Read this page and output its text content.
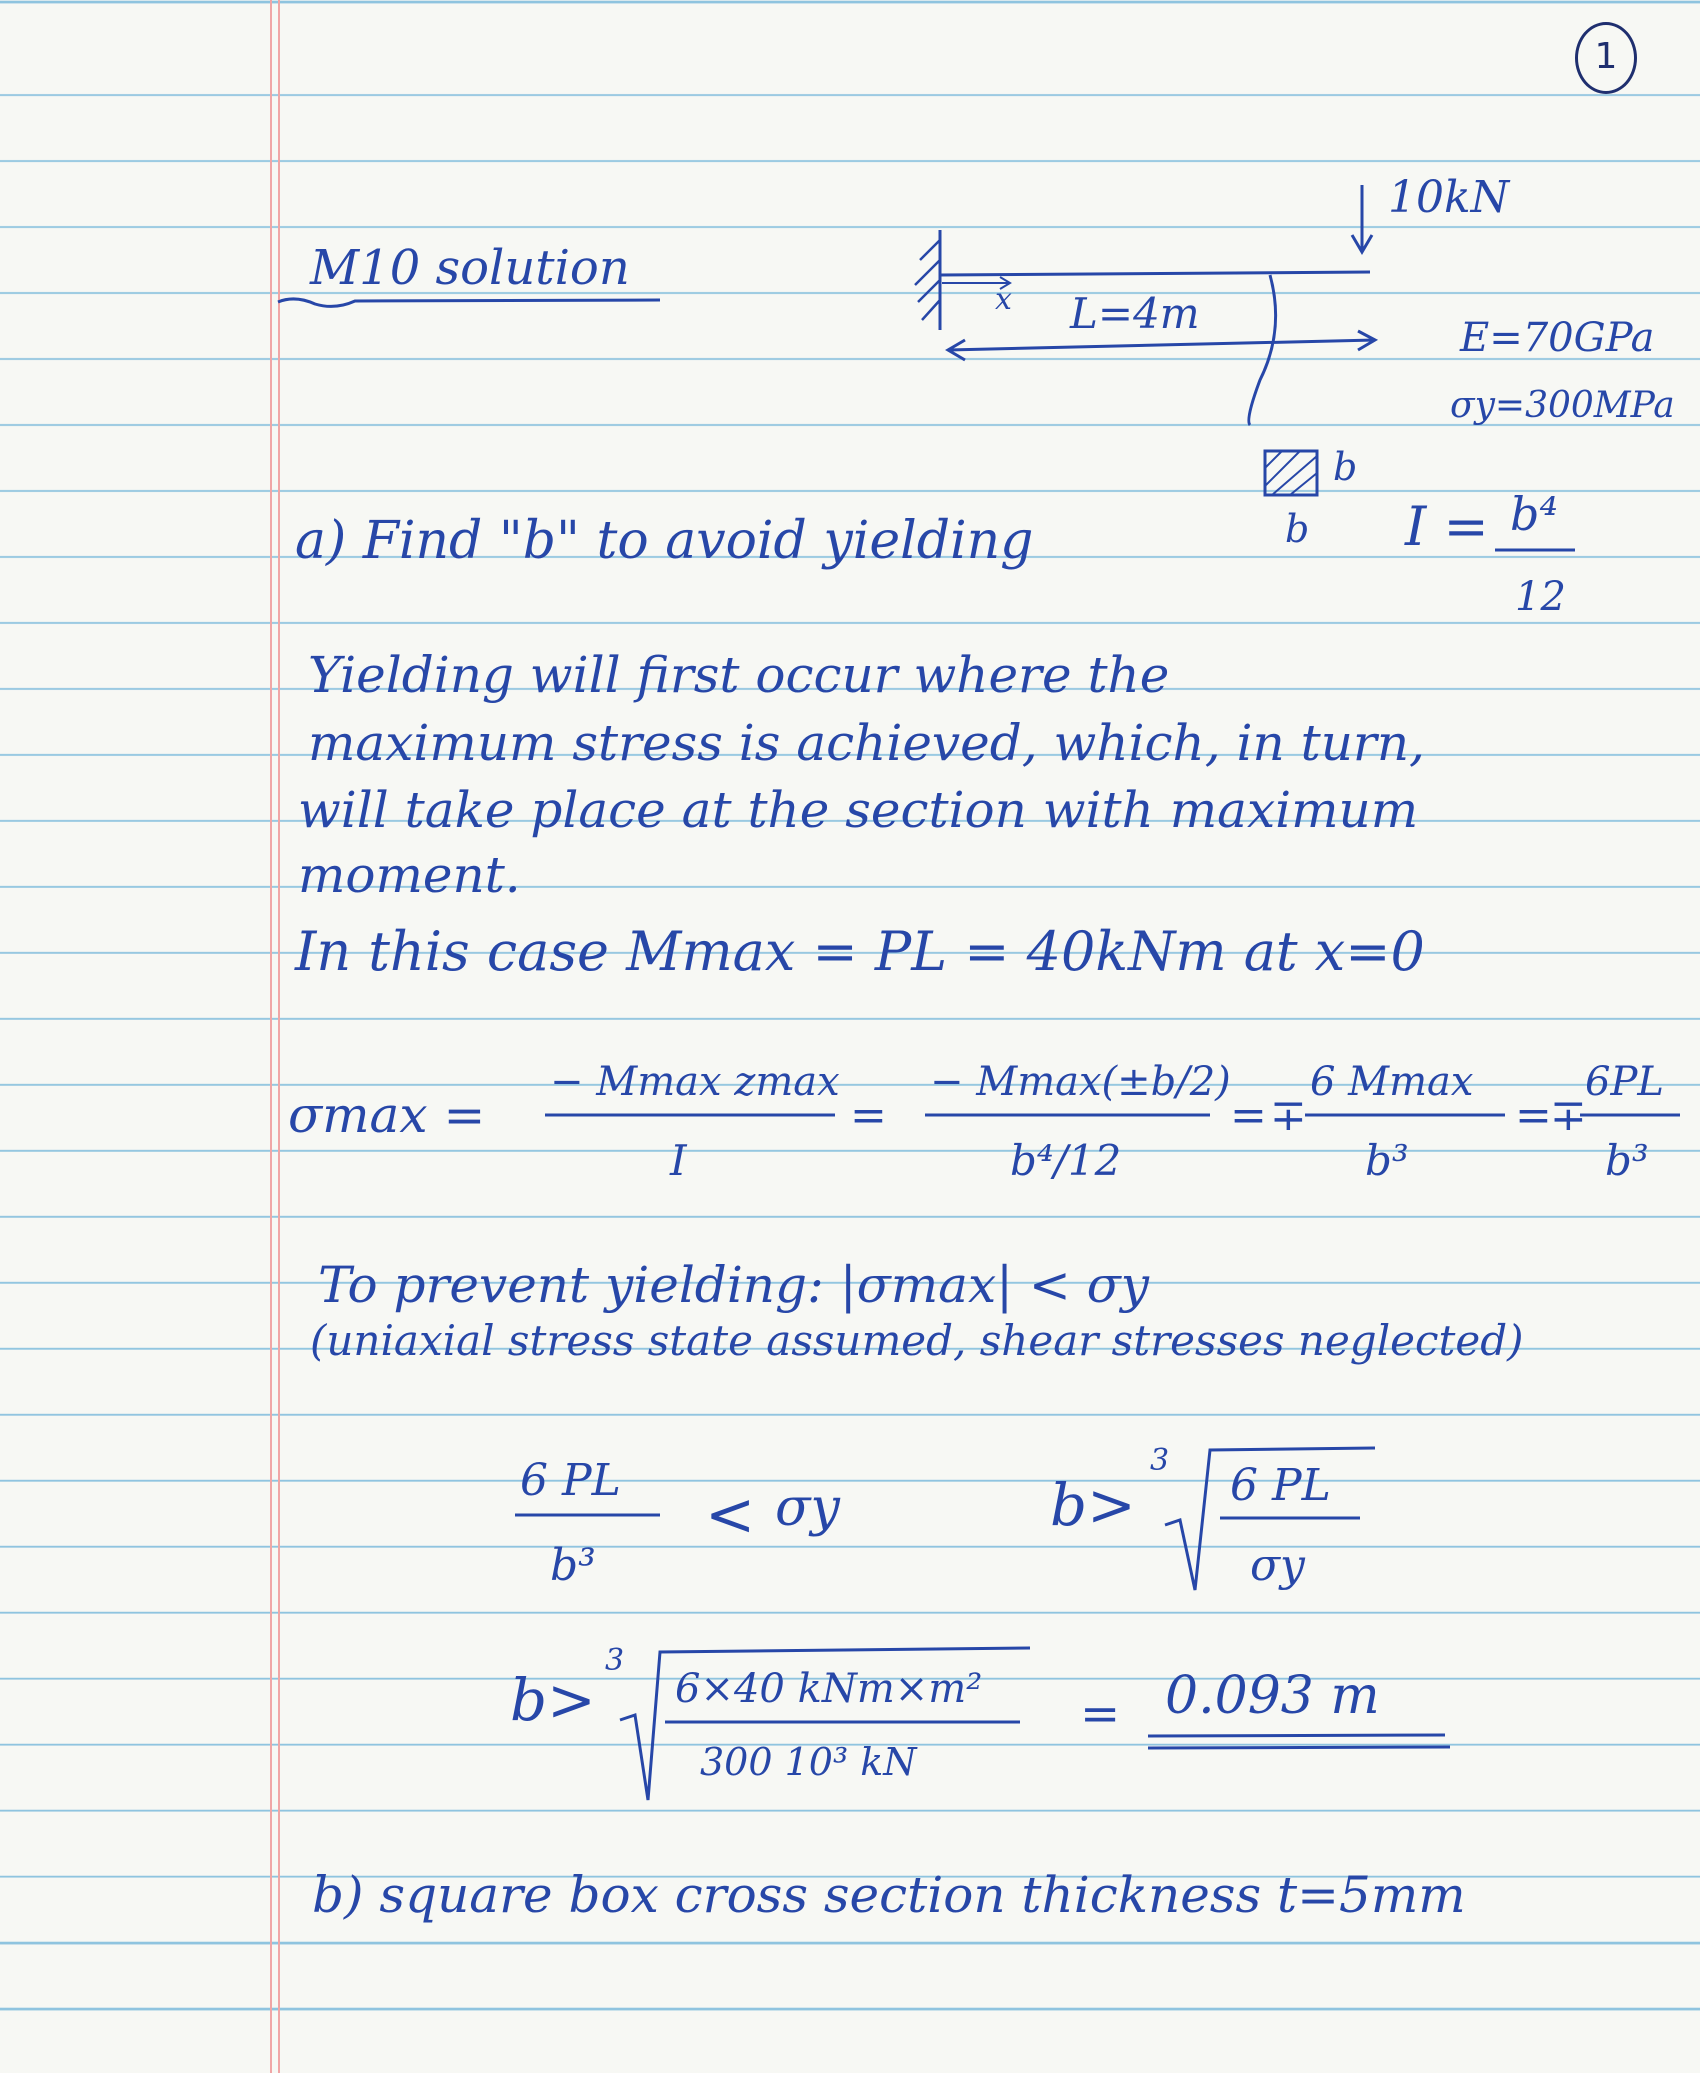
1
M10 solution
10kN
x L=4m	E=70GPa
σy=300MPa
b
b
a) Find "b" to avoid yielding	I = b⁴
12
Yielding will first occur where the
maximum stress is achieved, which, in turn,
will take place at the section with maximum
moment.
In this case Mmax = PL = 40kNm at x=0
σmax =
− Mmax zmax
I
=
− Mmax(±b/2)
b⁴/12
= ∓
6 Mmax
b³
=
∓
6PL
b³
To prevent yielding: |σmax| < σy
(uniaxial stress state assumed, shear stresses neglected)
6 PL
b³
< σy	b>
3 6 PL
σy
b>
3
6×40 kNm×m²
300 10³ kN
= 0.093 m
b) square box cross section thickness t=5mm
